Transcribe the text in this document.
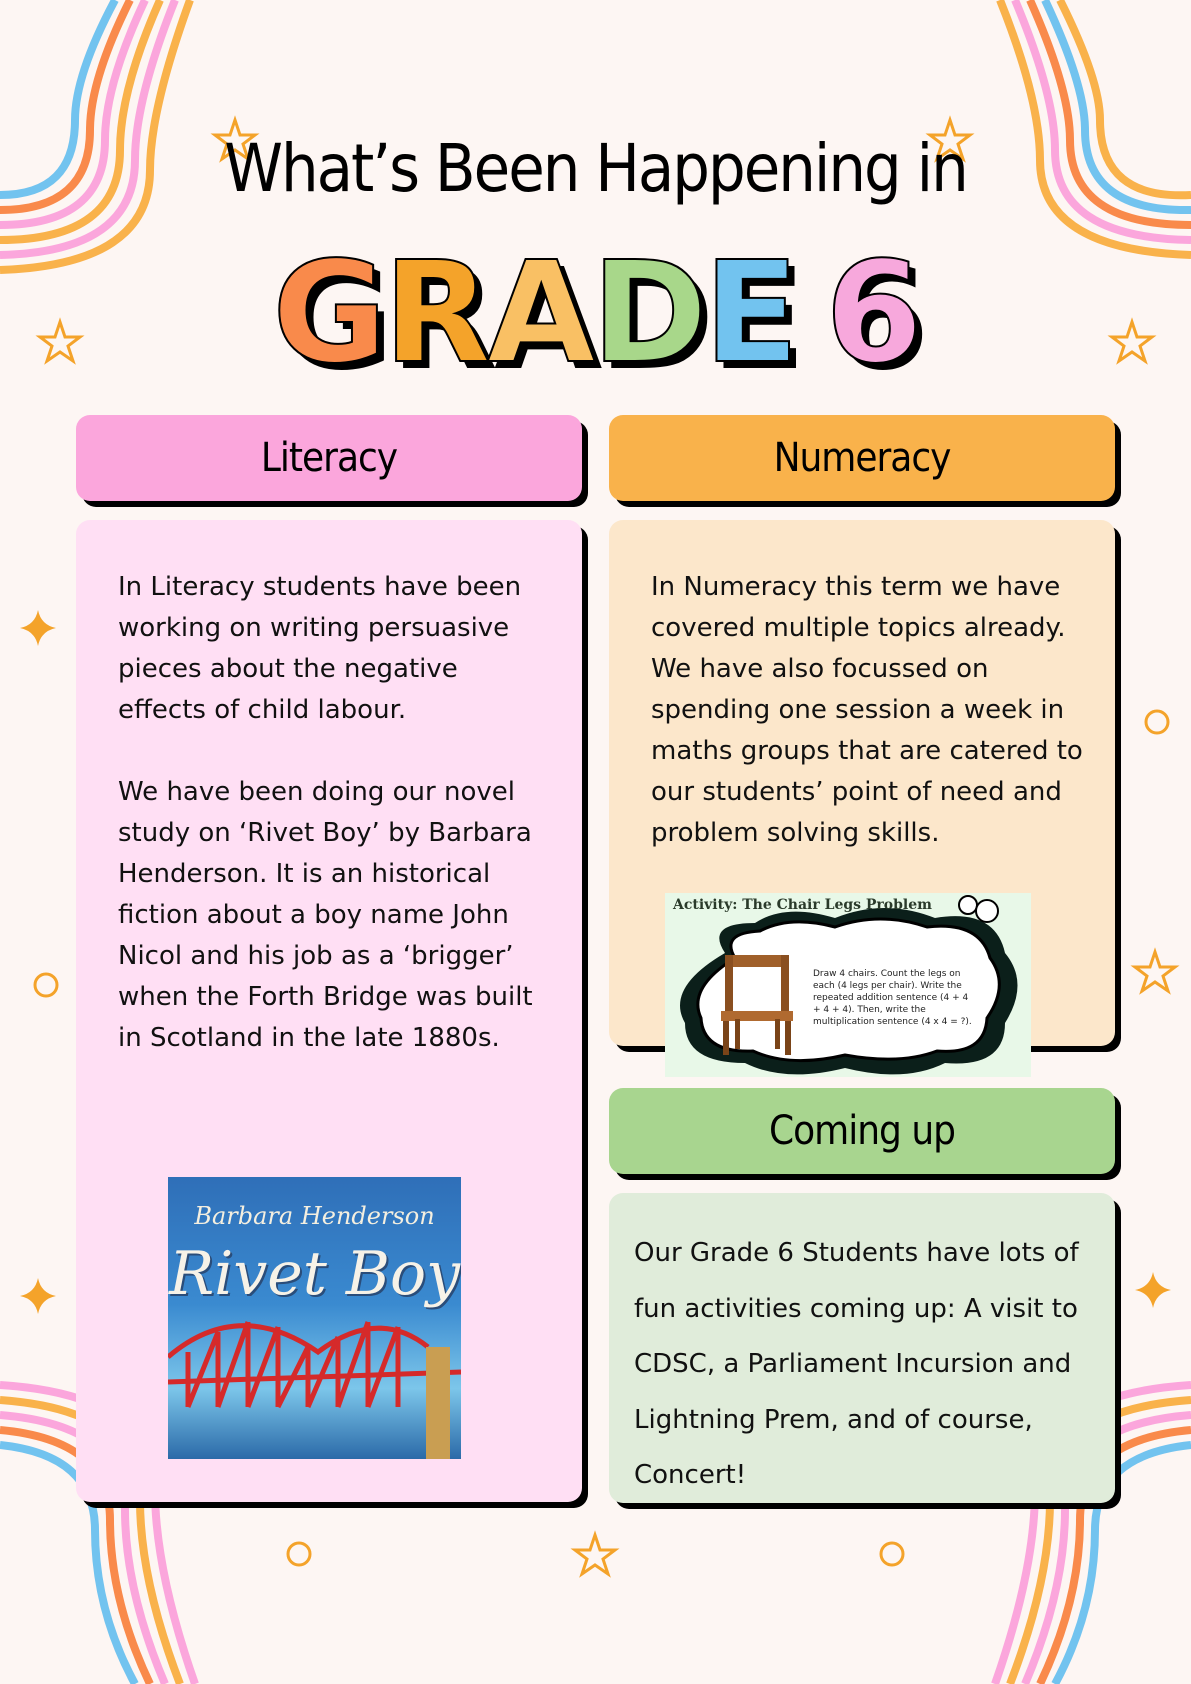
What’s Been Happening in
GRADE 6
Literacy

In Literacy students have been working on writing persuasive pieces about the negative effects of child labour.

We have been doing our novel study on ‘Rivet Boy’ by Barbara Henderson. It is an historical fiction about a boy name John Nicol and his job as a ‘brigger’ when the Forth Bridge was built in Scotland in the late 1880s.

Barbara Henderson
Rivet Boy
Numeracy

In Numeracy this term we have covered multiple topics already. We have also focussed on spending one session a week in maths groups that are catered to our students’ point of need and problem solving skills.

Activity: The Chair Legs Problem
Draw 4 chairs. Count the legs on each (4 legs per chair). Write the repeated addition sentence (4 + 4 + 4 + 4). Then, write the multiplication sentence (4 x 4 = ?).
Coming up

Our Grade 6 Students have lots of fun activities coming up: A visit to CDSC, a Parliament Incursion and Lightning Prem, and of course, Concert!
